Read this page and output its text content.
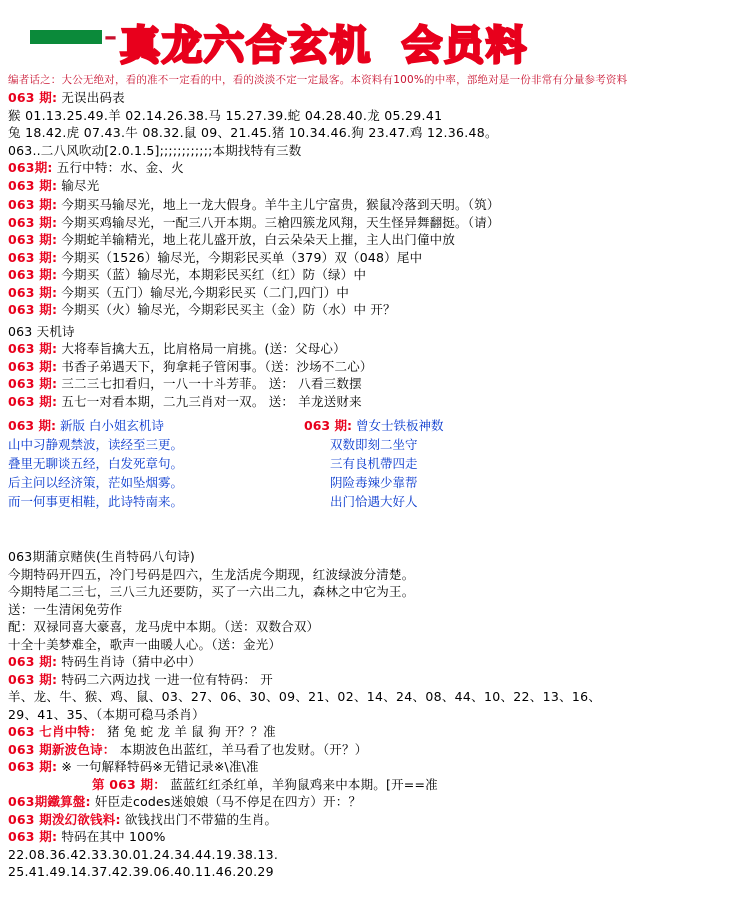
– 真龙六合玄机 会员料
编者话之：大公无绝对，看的准不一定看的中，看的淡淡不定一定最客。本资料有100%的中率，部绝对是一份非常有分量参考资料
063 期: 无误出码表
猴 01.13.25.49.羊 02.14.26.38.马 15.27.39.蛇 04.28.40.龙 05.29.41
兔 18.42.虎 07.43.牛 08.32.鼠 09、21.45.猪 10.34.46.狗 23.47.鸡 12.36.48。
063..二八风吹动[2.0.1.5];;;;;;;;;;;;本期找特有三数
063期: 五行中特：水、金、火
063 期: 输尽光
063 期: 今期买马输尽光，地上一龙大假身。羊牛主儿宁富贵，猴鼠冷落到天明。（筑）
063 期: 今期买鸡输尽光，一配三八开本期。三槍四簇龙风翔，天生怪异舞翻挺。（请）
063 期: 今期蛇羊输精光，地上花儿盛开放，白云朵朵天上摧，主人出门僮中放
063 期: 今期买（1526）输尽光，今期彩民买单（379）双（048）尾中
063 期: 今期买（蓝）输尽光，本期彩民买红（红）防（绿）中
063 期: 今期买（五门）输尽光,今期彩民买（二门,四门）中
063 期: 今期买（火）输尽光，今期彩民买主（金）防（水）中 开？
063 天机诗
063 期: 大将奉旨擒大五，比肩格局一肩挑。(送：父母心）
063 期: 书香子弟遇天下，狗拿耗子管闲事。（送：沙场不二心）
063 期: 三二三七扣看归，一八一十斗芳菲。 送： 八看三数摆
063 期: 五七一对看本期，二九三肖对一双。 送： 羊龙送财来
063 期: 新版 白小姐玄机诗
山中习静观禁波，读经至三更。
叠里无聊谈五经，白发死章句。
后主问以经济策，茫如坠烟雾。
而一何事更相鞋，此诗特南来。
063 期: 曾女士铁板神数
双数即刻二坐守
三有良机帶四走
阴险毒辣少靠帮
出门恰遇大好人
063期蒲京赌侠(生肖特码八句诗)
今期特码开四五，冷门号码是四六，生龙活虎今期现，红波绿波分清楚。
今期特尾二三七，三八三九还要防，买了一六出二九，森林之中它为王。
送：一生清闲免劳作
配：双禄同喜大豪喜，龙马虎中本期。（送：双数合双）
十全十美梦难全，歌声一曲暖人心。（送：金光）
063 期: 特码生肖诗（猜中必中）
063 期: 特码二六两边找 一进一位有特码： 开
羊、龙、牛、猴、鸡、鼠、03、27、06、30、09、21、02、14、24、08、44、10、22、13、16、
29、41、35、（本期可稳马杀肖）
063 七肖中特： 猪 兔 蛇 龙 羊 鼠 狗 开？？准
063 期新波色诗： 本期波色出蓝红，羊马看了也发财。（开？）
063 期: ※ 一句解释特码※无错记录※\准\准
第 063 期： 蓝蓝红红杀红单，羊狗鼠鸡来中本期。[开==准
063期鐵算盤: 奸臣走codes迷娘娘（马不停足在四方）开：？
063 期泼幻欲钱料: 欲钱找出门不带猫的生肖。
063 期: 特码在其中 100%
22.08.36.42.33.30.01.24.34.44.19.38.13.
25.41.49.14.37.42.39.06.40.11.46.20.29
